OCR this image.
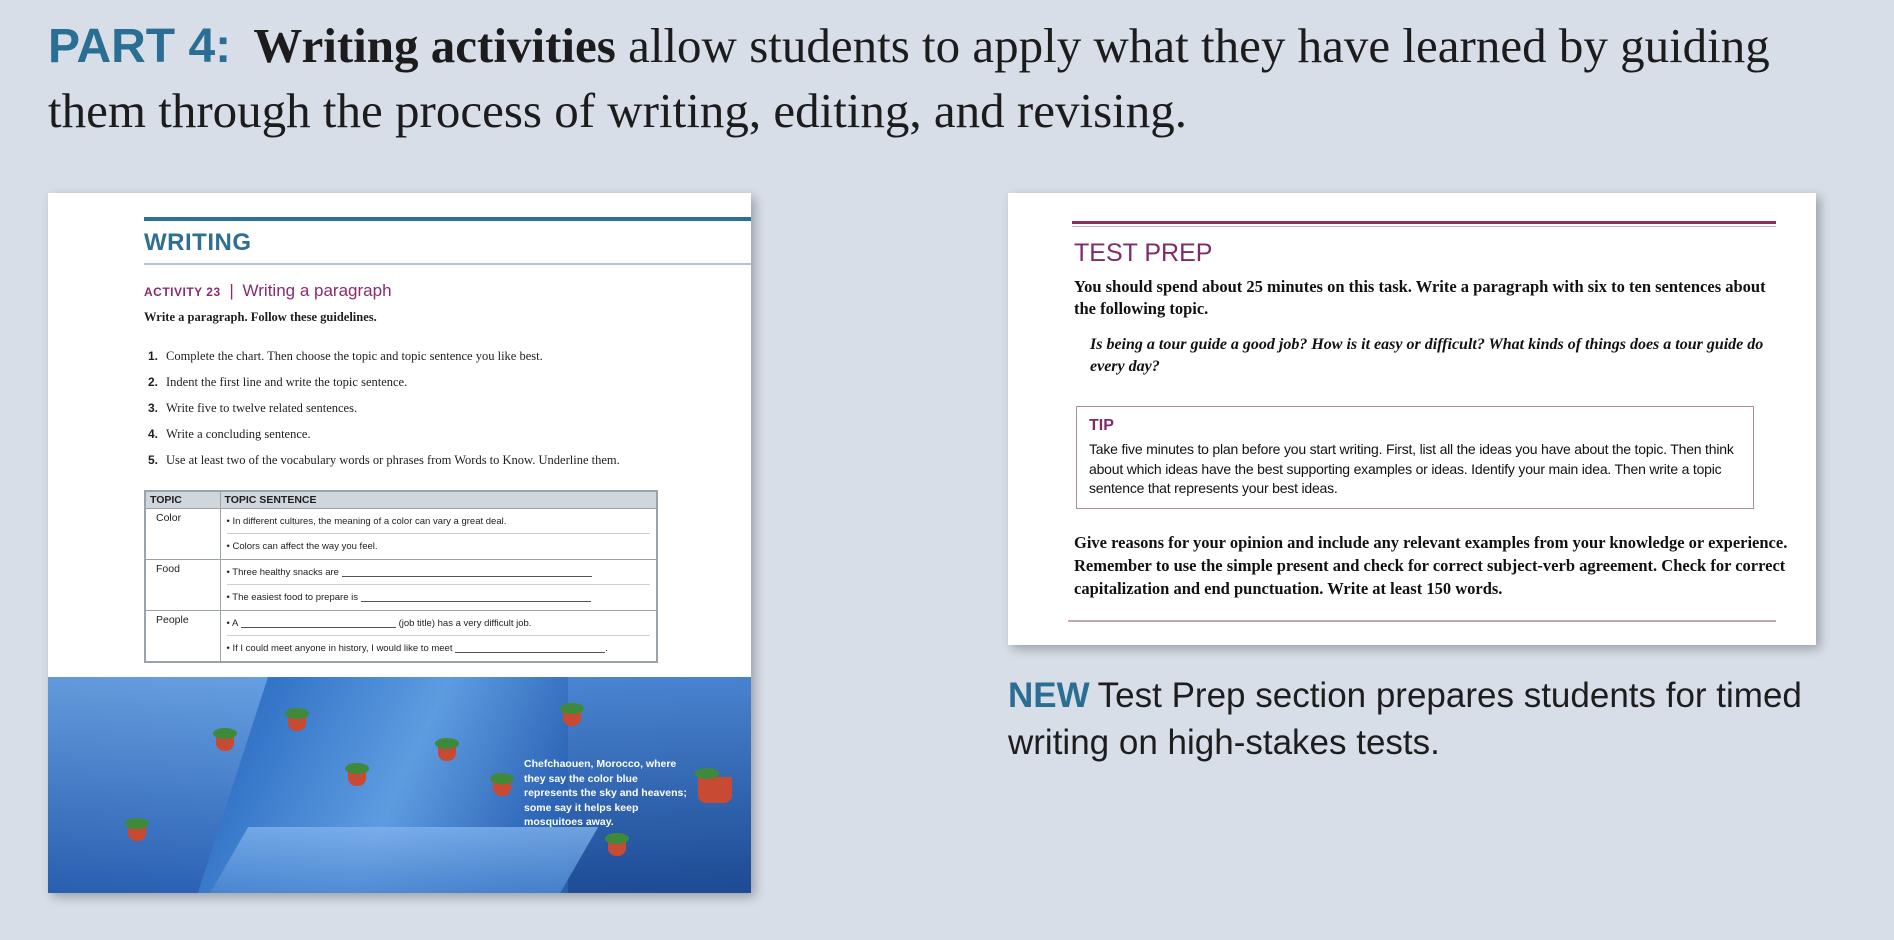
PART 4: Writing activities allow students to apply what they have learned by guiding them through the process of writing, editing, and revising.
WRITING
ACTIVITY 23 | Writing a paragraph
Write a paragraph. Follow these guidelines.
1. Complete the chart. Then choose the topic and topic sentence you like best.
2. Indent the first line and write the topic sentence.
3. Write five to twelve related sentences.
4. Write a concluding sentence.
5. Use at least two of the vocabulary words or phrases from Words to Know. Underline them.
TOPIC	TOPIC SENTENCE
Color	• In different cultures, the meaning of a color can vary a great deal.
• Colors can affect the way you feel.

Food	• Three healthy snacks are

• The easiest food to prepare is

People	• A

(job title) has a very difficult job.
• If I could meet anyone in history, I would like to meet
.
Chefchaouen, Morocco, where they say the color blue represents the sky and heavens; some say it helps keep mosquitoes away.
TEST PREP
You should spend about 25 minutes on this task. Write a paragraph with six to ten sentences about the following topic.
Is being a tour guide a good job? How is it easy or difficult? What kinds of things does a tour guide do every day?
TIP
Take five minutes to plan before you start writing. First, list all the ideas you have about the topic. Then think about which ideas have the best supporting examples or ideas. Identify your main idea. Then write a topic sentence that represents your best ideas.
Give reasons for your opinion and include any relevant examples from your knowledge or experience. Remember to use the simple present and check for correct subject-verb agreement. Check for correct capitalization and end punctuation. Write at least 150 words.
NEW Test Prep section prepares students for timed writing on high-stakes tests.
